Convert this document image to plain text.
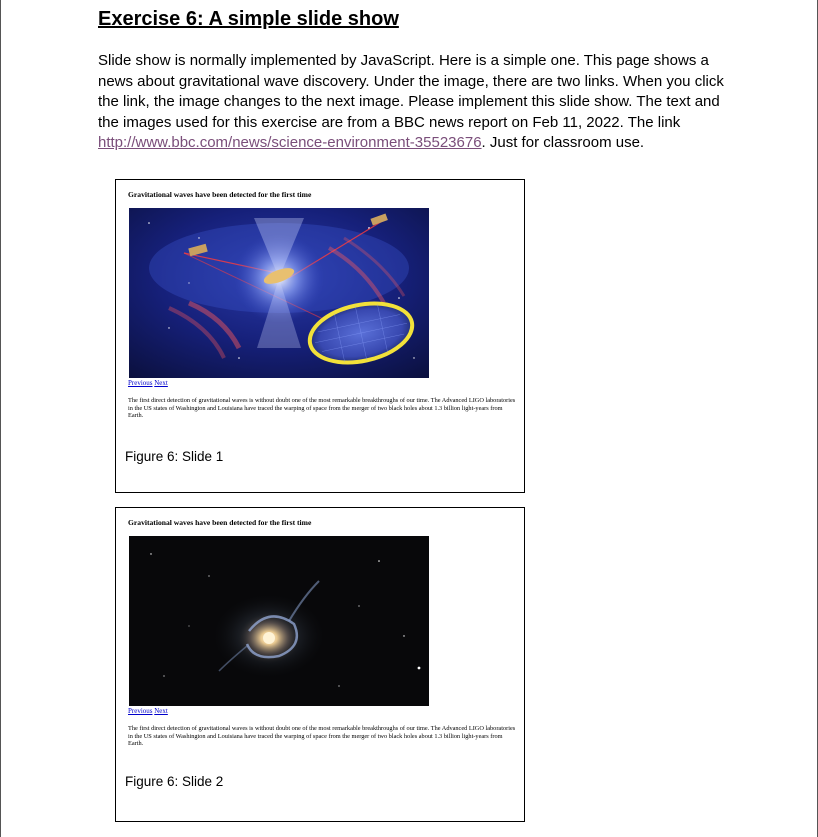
Exercise 6: A simple slide show
Slide show is normally implemented by JavaScript. Here is a simple one. This page shows a news about gravitational wave discovery. Under the image, there are two links. When you click the link, the image changes to the next image. Please implement this slide show. The text and the images used for this exercise are from a BBC news report on Feb 11, 2022. The link http://www.bbc.com/news/science-environment-35523676. Just for classroom use.
Gravitational waves have been detected for the first time
Previous Next
The first direct detection of gravitational waves is without doubt one of the most remarkable breakthroughs of our time. The Advanced LIGO laboratories in the US states of Washington and Louisiana have traced the warping of space from the merger of two black holes about 1.3 billion light-years from Earth.
Figure 6: Slide 1
Gravitational waves have been detected for the first time
Previous Next
The first direct detection of gravitational waves is without doubt one of the most remarkable breakthroughs of our time. The Advanced LIGO laboratories in the US states of Washington and Louisiana have traced the warping of space from the merger of two black holes about 1.3 billion light-years from Earth.
Figure 6: Slide 2
